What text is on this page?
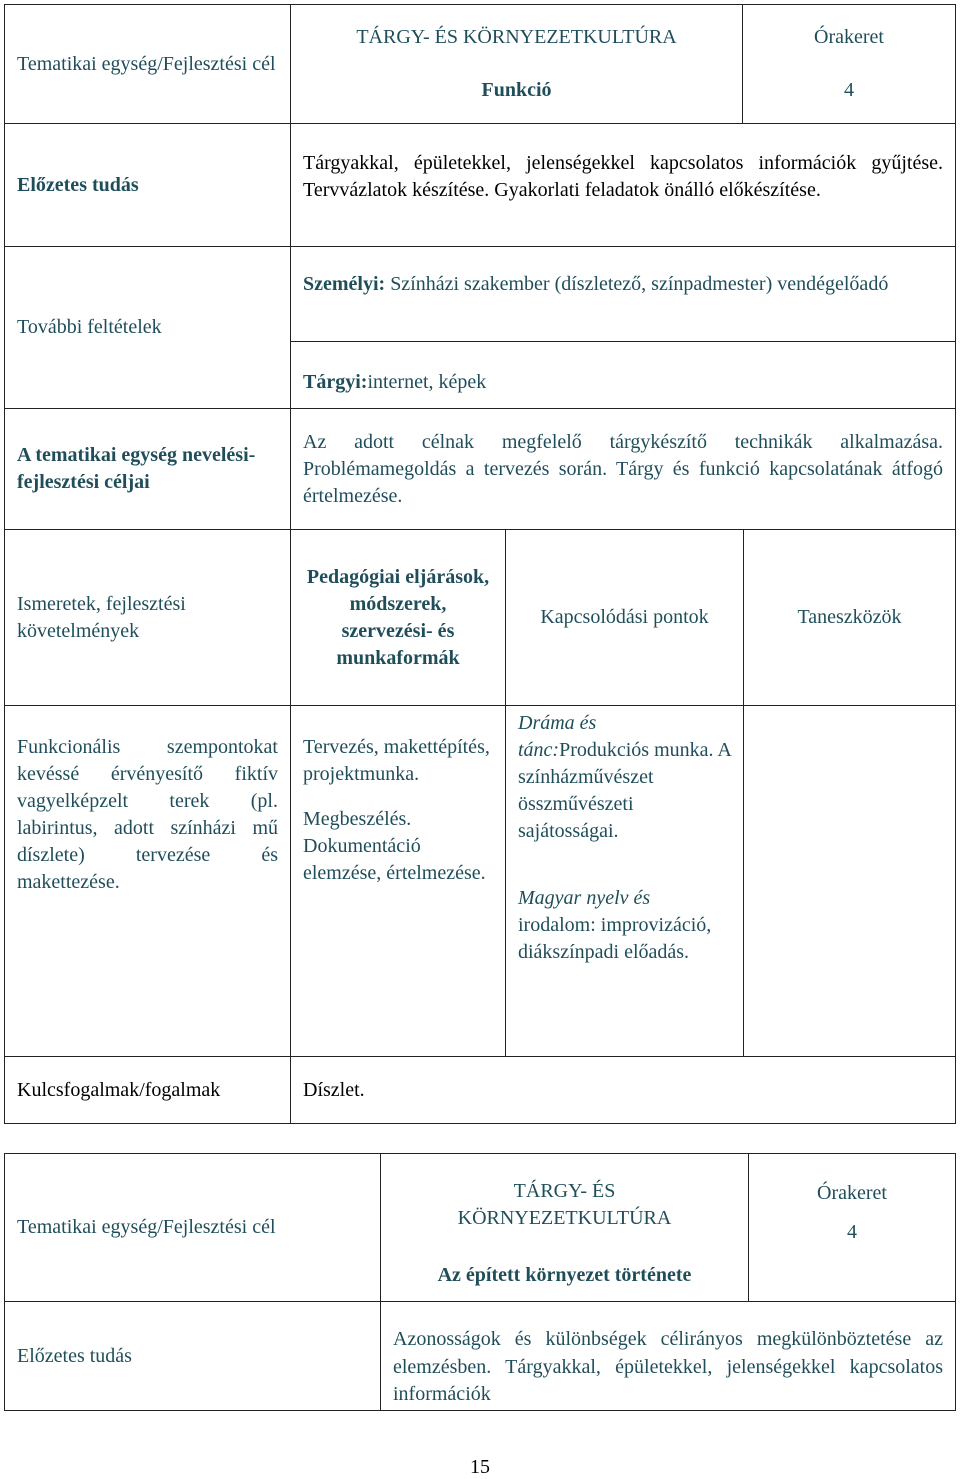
Tematikai egység/Fejlesztési cél

TÁRGY- ÉS KÖRNYEZETKULTÚRA

Funkció

Órakeret

4

Előzetes tudás

Tárgyakkal, épületekkel, jelenségekkel kapcsolatos információk gyűjtése. Tervvázlatok készítése. Gyakorlati feladatok önálló előkészítése.

További feltételek

Személyi: Színházi szakember (díszletező, színpadmester) vendégelőadó

Tárgyi:internet, képek

A tematikai egység nevelési-fejlesztési céljai

Az adott célnak megfelelő tárgykészítő technikák alkalmazása. Problémamegoldás a tervezés során. Tárgy és funkció kapcsolatának átfogó értelmezése.

Ismeretek, fejlesztési követelmények

Pedagógiai eljárások, módszerek, szervezési- és munkaformák

Kapcsolódási pontok	Taneszközök

Funkcionális szempontokat kevéssé érvényesítő fiktív vagyelképzelt terek (pl. labirintus, adott színházi mű díszlete) tervezése és makettezése.

Tervezés, makettépítés, projektmunka.

Megbeszélés. Dokumentáció elemzése, értelmezése.

Dráma és tánc:Produkciós munka. A színházművészet összművészeti sajátosságai.

Magyar nyelv és irodalom: improvizáció, diákszínpadi előadás.

Kulcsfogalmak/fogalmak	Díszlet.

Tematikai egység/Fejlesztési cél

TÁRGY- ÉS KÖRNYEZETKULTÚRA

Az épített környezet története

Órakeret

4

Előzetes tudás

Azonosságok és különbségek célirányos megkülönböztetése az elemzésben. Tárgyakkal, épületekkel, jelenségekkel kapcsolatos információk

15
